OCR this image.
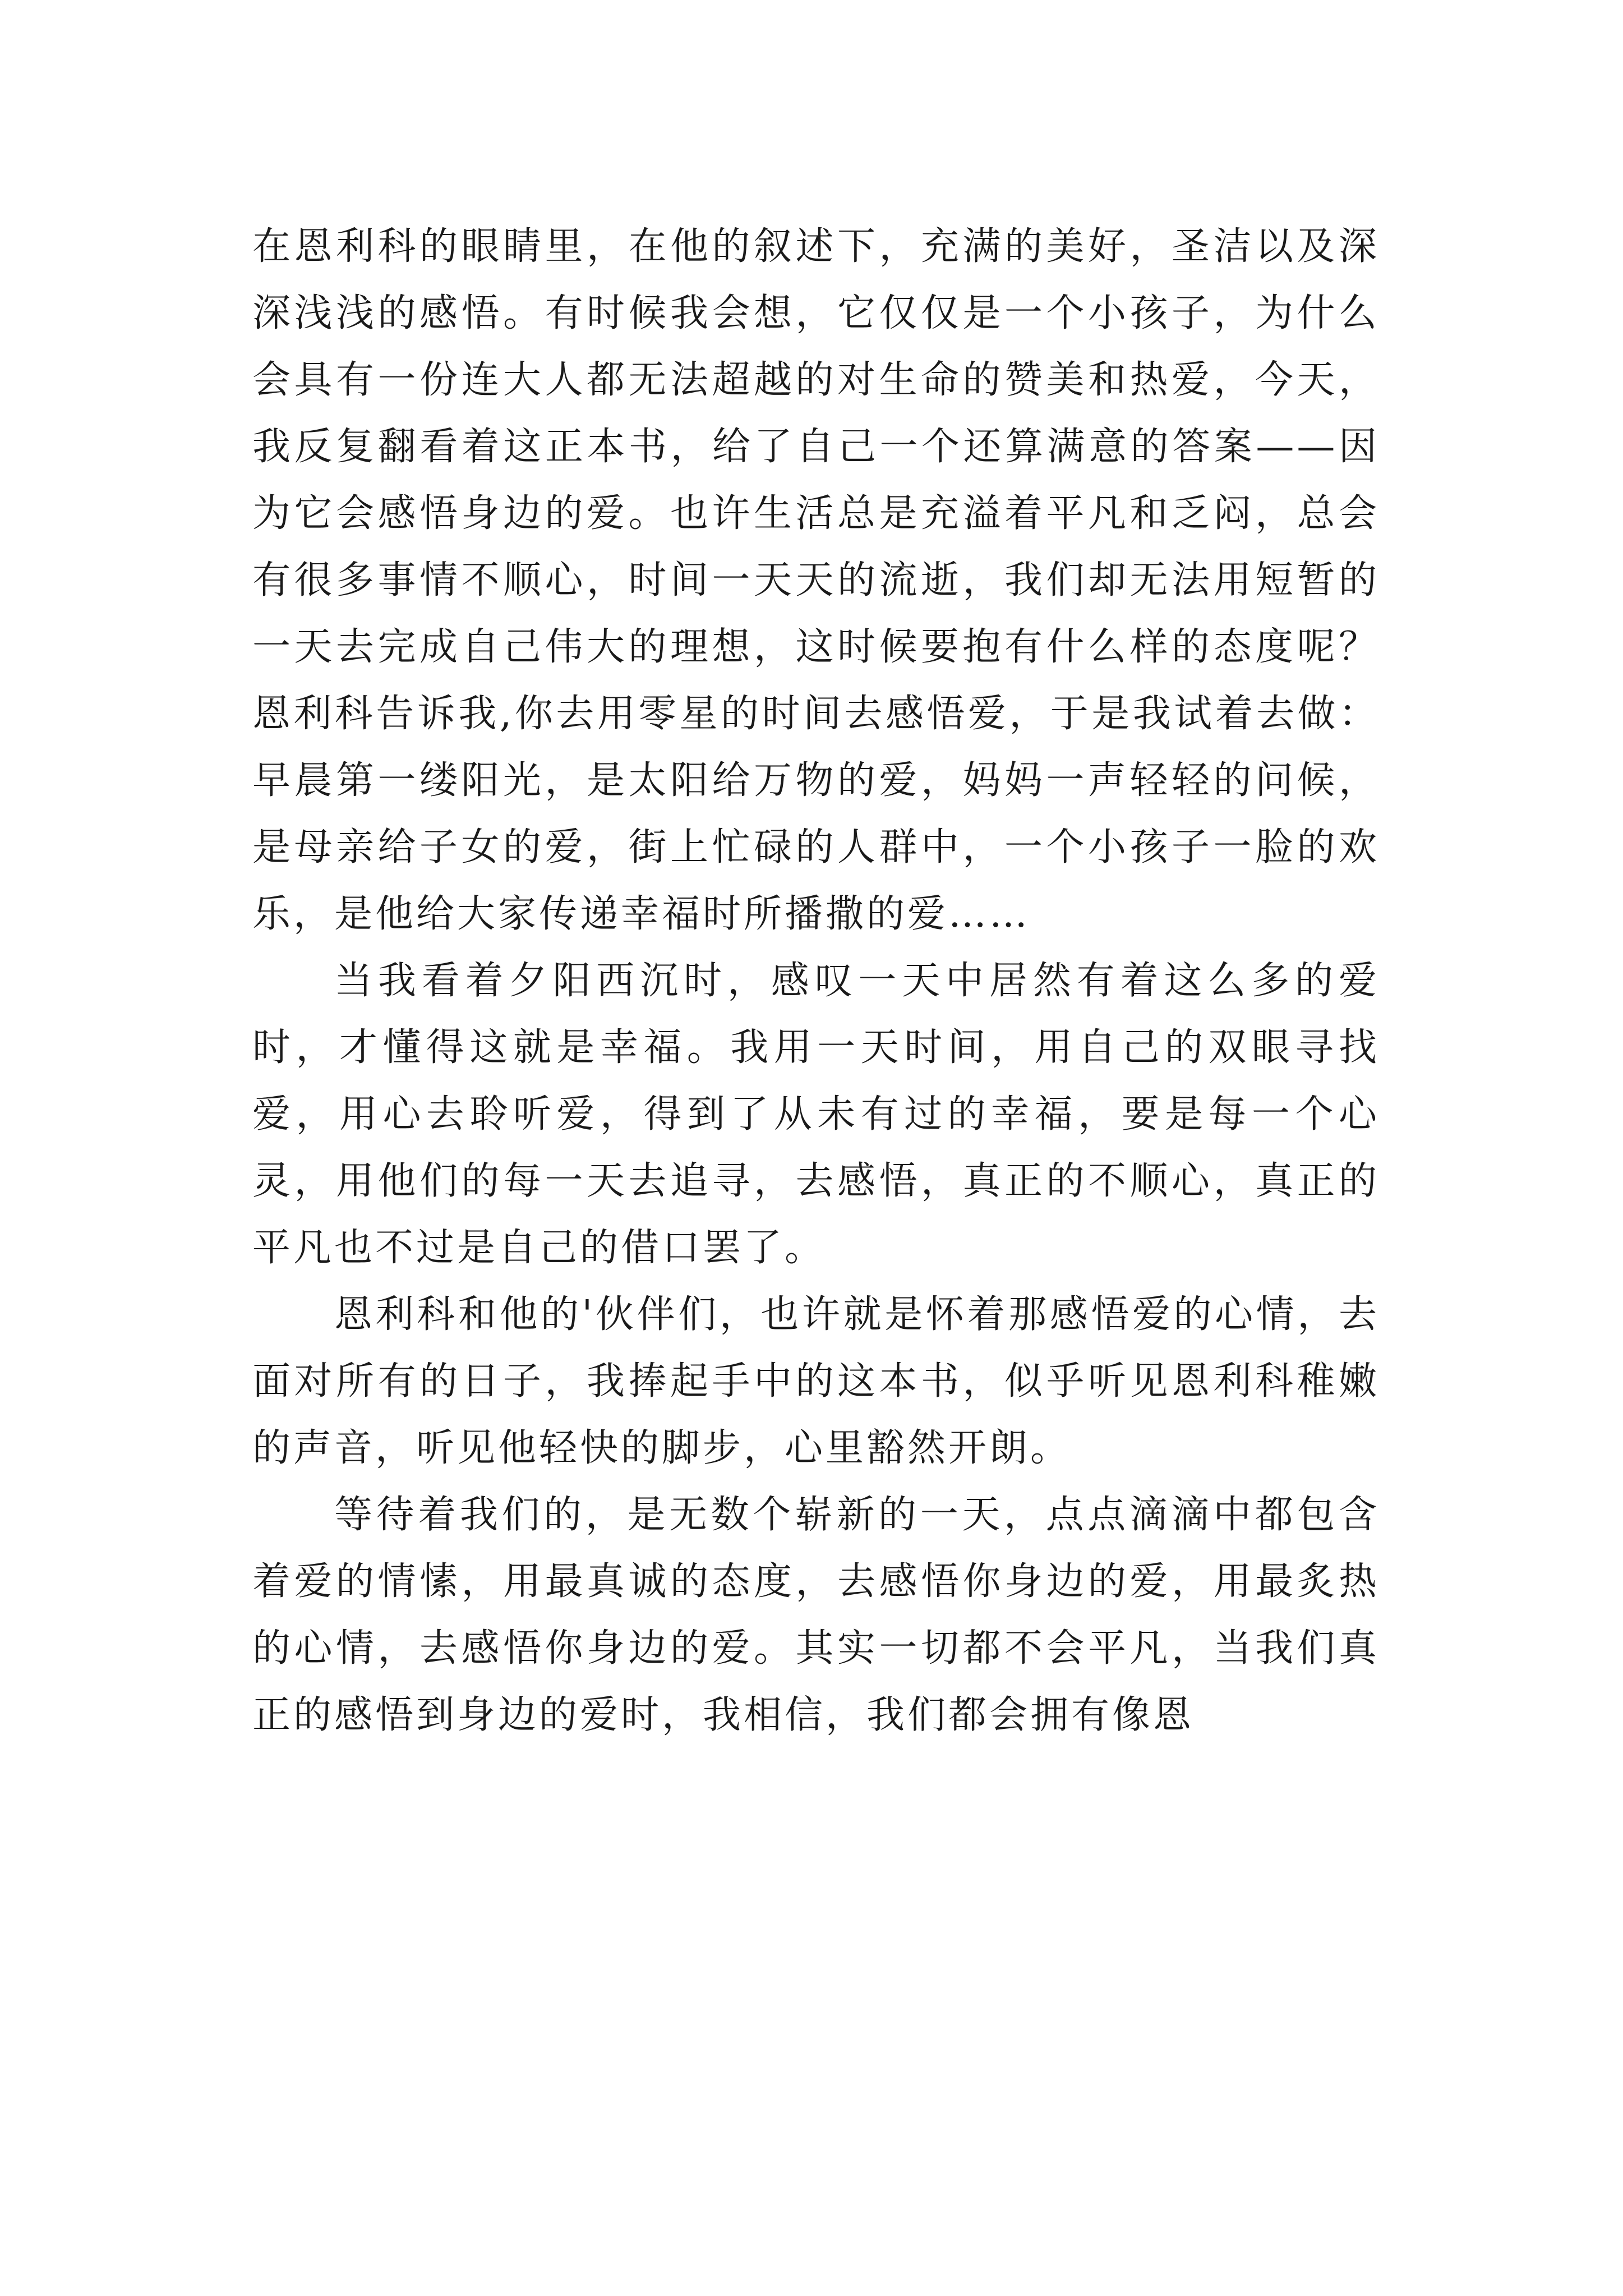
在恩利科的眼睛里，在他的叙述下，充满的美好，圣洁以及深深浅浅的感悟。有时候我会想，它仅仅是一个小孩子，为什么会具有一份连大人都无法超越的对生命的赞美和热爱，今天，我反复翻看着这正本书，给了自己一个还算满意的答案——因为它会感悟身边的爱。也许生活总是充溢着平凡和乏闷，总会有很多事情不顺心，时间一天天的流逝，我们却无法用短暂的一天去完成自己伟大的理想，这时候要抱有什么样的态度呢？恩利科告诉我,你去用零星的时间去感悟爱，于是我试着去做：早晨第一缕阳光，是太阳给万物的爱，妈妈一声轻轻的问候，是母亲给子女的爱，街上忙碌的人群中，一个小孩子一脸的欢乐，是他给大家传递幸福时所播撒的爱……

当我看着夕阳西沉时，感叹一天中居然有着这么多的爱时，才懂得这就是幸福。我用一天时间，用自己的双眼寻找爱，用心去聆听爱，得到了从未有过的幸福，要是每一个心灵，用他们的每一天去追寻，去感悟，真正的不顺心，真正的平凡也不过是自己的借口罢了。

恩利科和他的'伙伴们，也许就是怀着那感悟爱的心情，去面对所有的日子，我捧起手中的这本书，似乎听见恩利科稚嫩的声音，听见他轻快的脚步，心里豁然开朗。

等待着我们的，是无数个崭新的一天，点点滴滴中都包含着爱的情愫，用最真诚的态度，去感悟你身边的爱，用最炙热的心情，去感悟你身边的爱。其实一切都不会平凡，当我们真正的感悟到身边的爱时，我相信，我们都会拥有像恩
